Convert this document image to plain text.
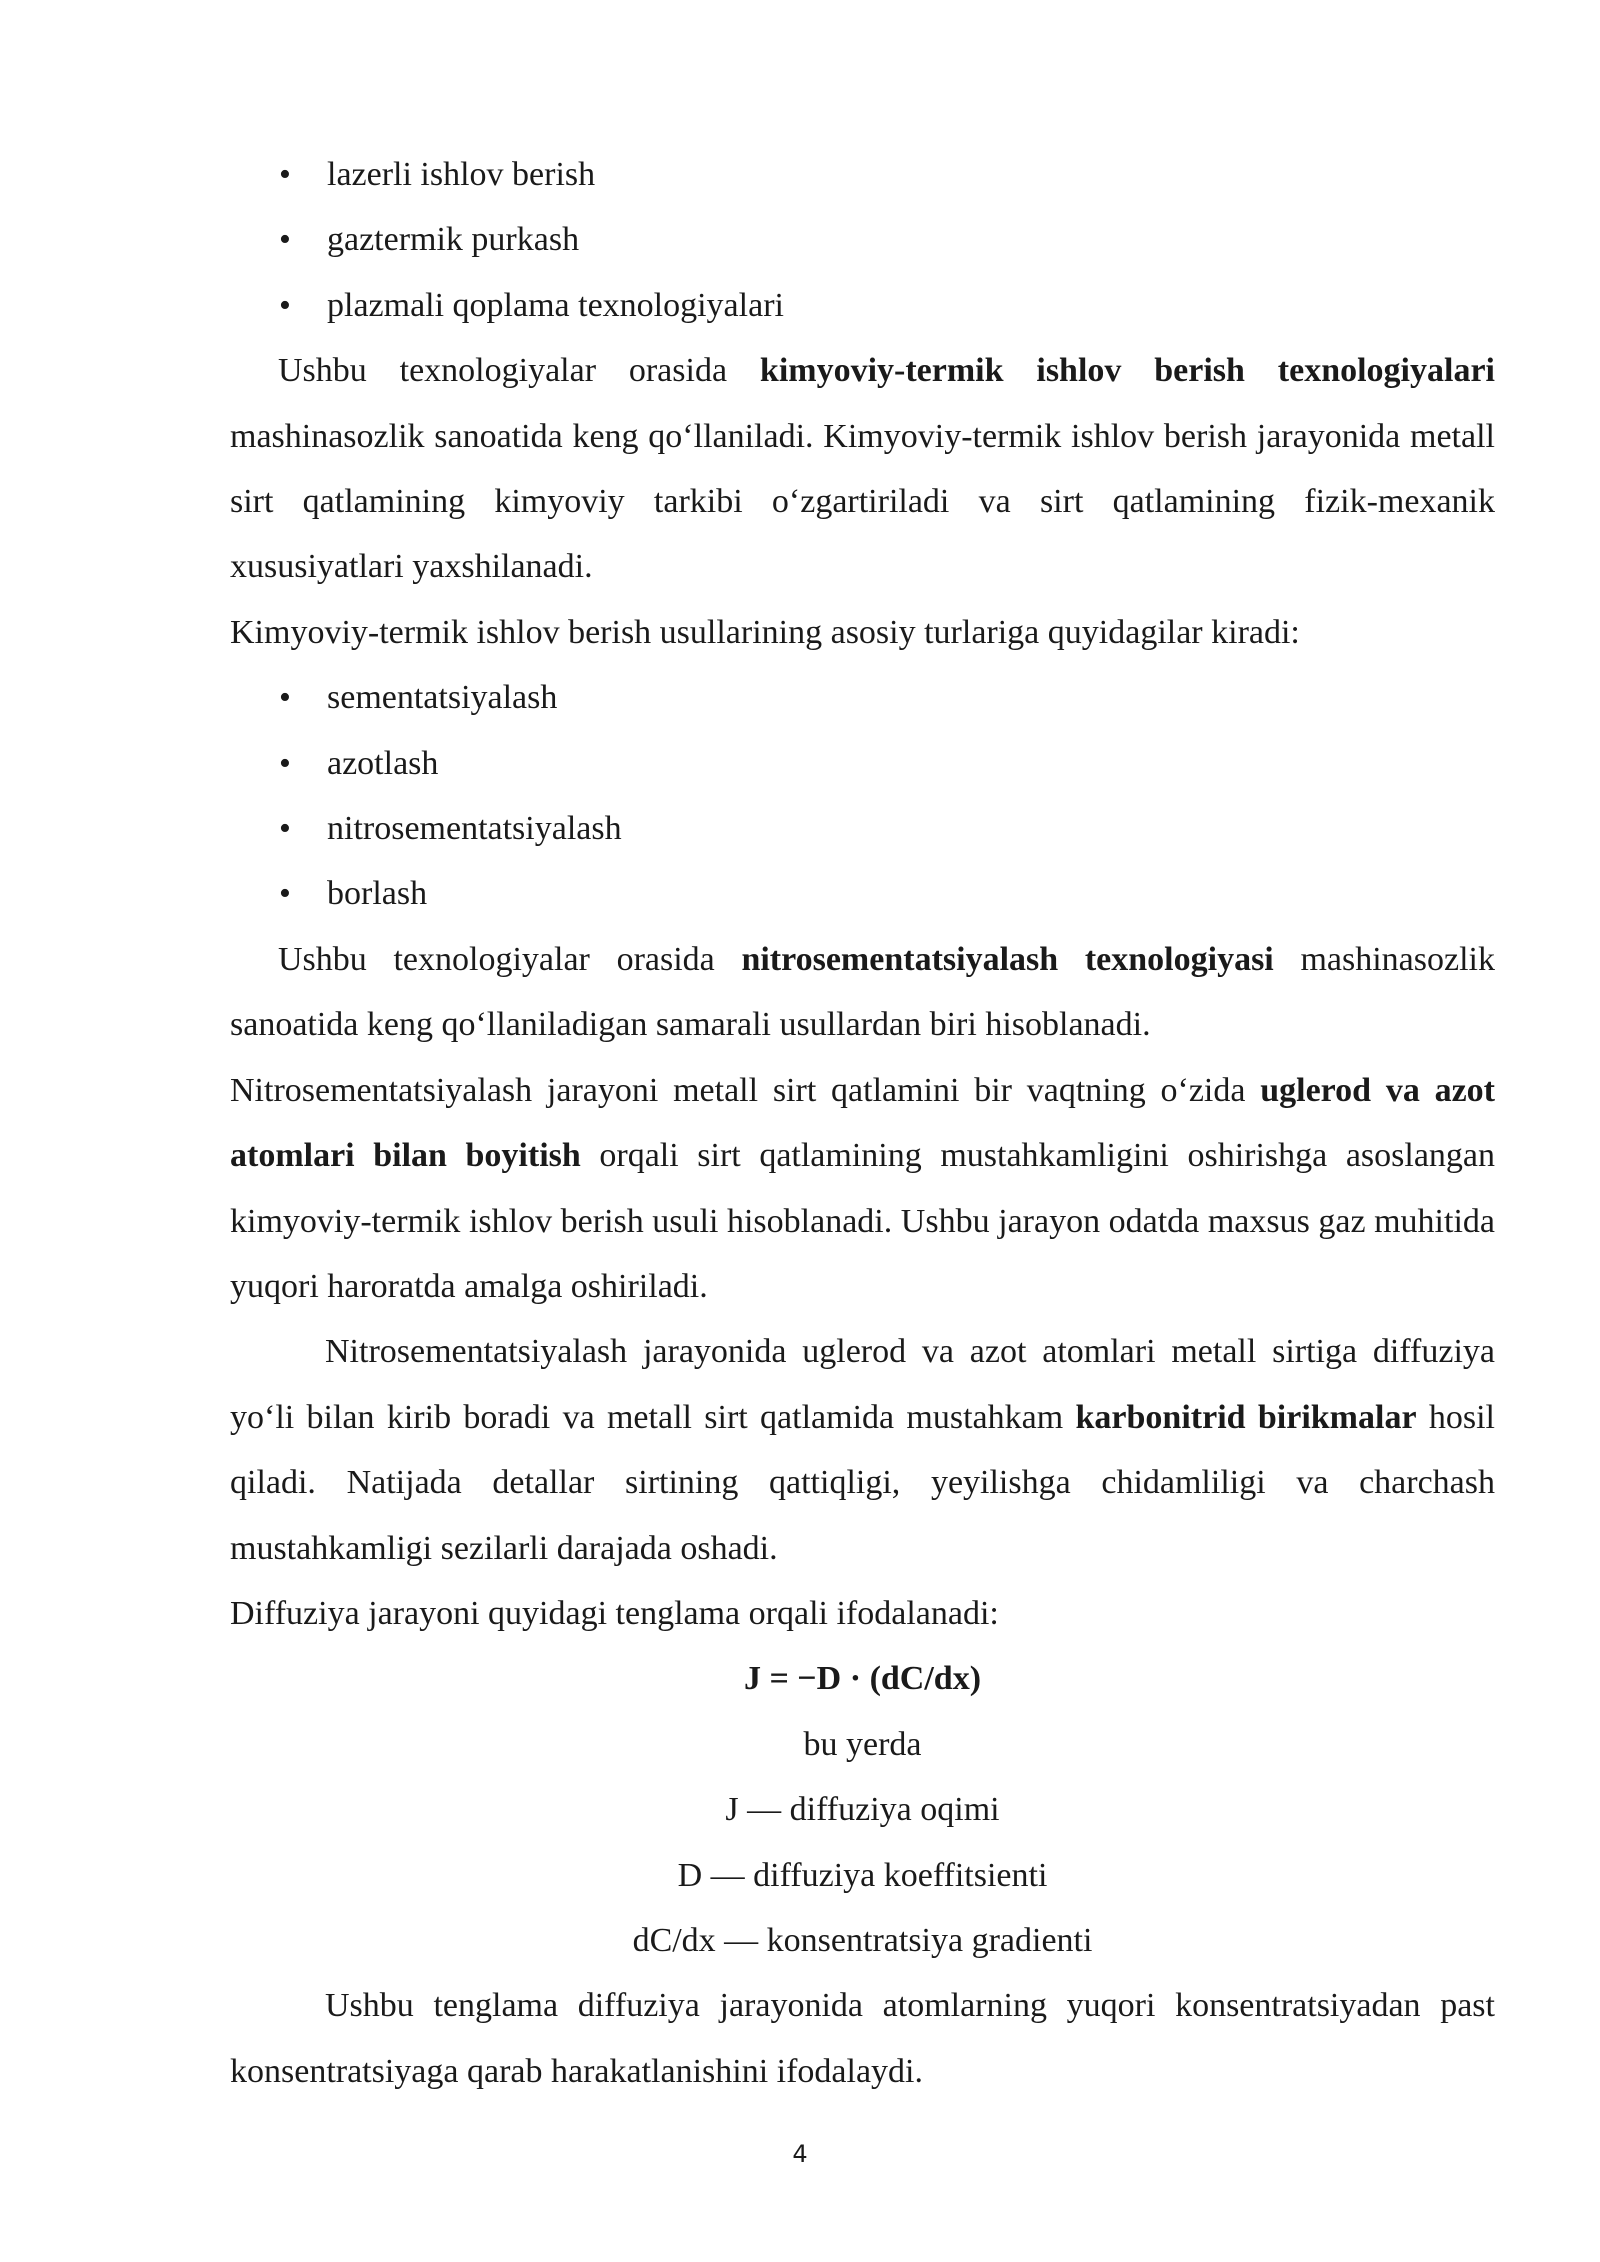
• lazerli ishlov berish
• gaztermik purkash
• plazmali qoplama texnologiyalari

Ushbu texnologiyalar orasida kimyoviy-termik ishlov berish texnologiyalari mashinasozlik sanoatida keng qo‘llaniladi. Kimyoviy-termik ishlov berish jarayonida metall sirt qatlamining kimyoviy tarkibi o‘zgartiriladi va sirt qatlamining fizik-mexanik xususiyatlari yaxshilanadi.

Kimyoviy-termik ishlov berish usullarining asosiy turlariga quyidagilar kiradi:

• sementatsiyalash
• azotlash
• nitrosementatsiyalash
• borlash

Ushbu texnologiyalar orasida nitrosementatsiyalash texnologiyasi mashinasozlik sanoatida keng qo‘llaniladigan samarali usullardan biri hisoblanadi.

Nitrosementatsiyalash jarayoni metall sirt qatlamini bir vaqtning o‘zida uglerod va azot atomlari bilan boyitish orqali sirt qatlamining mustahkamligini oshirishga asoslangan kimyoviy-termik ishlov berish usuli hisoblanadi. Ushbu jarayon odatda maxsus gaz muhitida yuqori haroratda amalga oshiriladi.

Nitrosementatsiyalash jarayonida uglerod va azot atomlari metall sirtiga diffuziya yo‘li bilan kirib boradi va metall sirt qatlamida mustahkam karbonitrid birikmalar hosil qiladi. Natijada detallar sirtining qattiqligi, yeyilishga chidamliligi va charchash mustahkamligi sezilarli darajada oshadi.

Diffuziya jarayoni quyidagi tenglama orqali ifodalanadi:

J = −D · (dC/dx)

bu yerda

J — diffuziya oqimi

D — diffuziya koeffitsienti

dC/dx — konsentratsiya gradienti

Ushbu tenglama diffuziya jarayonida atomlarning yuqori konsentratsiyadan past konsentratsiyaga qarab harakatlanishini ifodalaydi.

4
